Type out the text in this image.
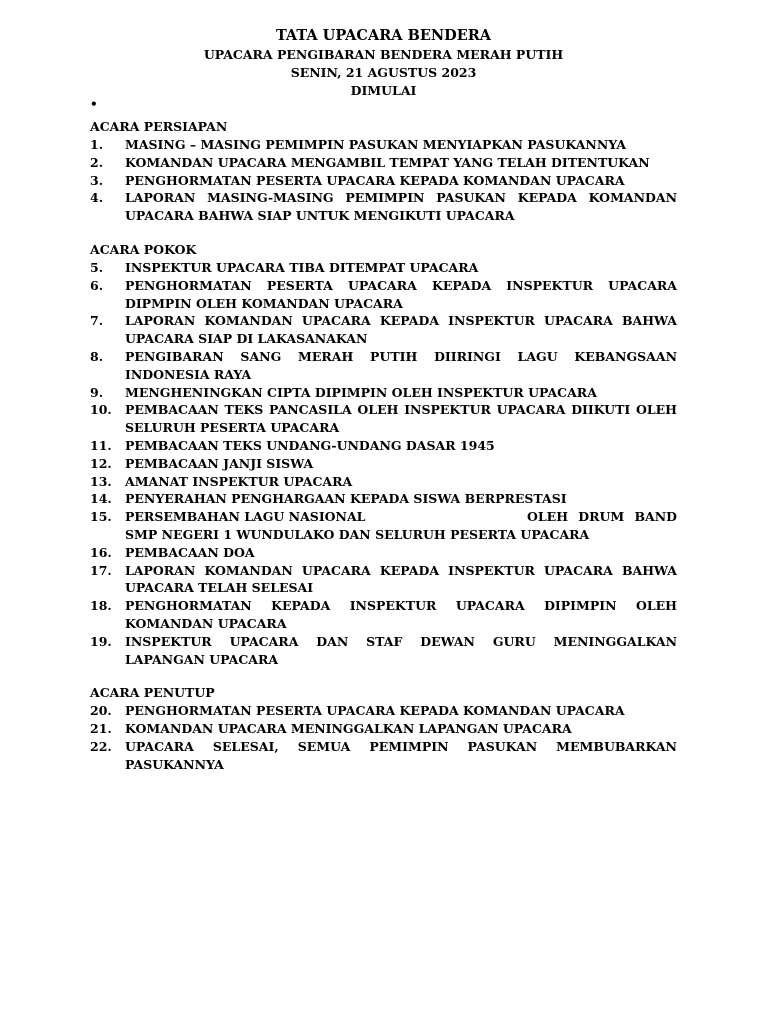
TATA UPACARA BENDERA
UPACARA PENGIBARAN BENDERA MERAH PUTIH
SENIN, 21 AGUSTUS 2023
DIMULAI
•
ACARA PERSIAPAN
1.	MASING – MASING PEMIMPIN PASUKAN MENYIAPKAN PASUKANNYA
2.	KOMANDAN UPACARA MENGAMBIL TEMPAT YANG TELAH DITENTUKAN
3.	PENGHORMATAN PESERTA UPACARA KEPADA KOMANDAN UPACARA
4.	LAPORAN MASING-MASING PEMIMPIN PASUKAN KEPADA KOMANDAN UPACARA BAHWA SIAP UNTUK MENGIKUTI UPACARA
ACARA POKOK
5.	INSPEKTUR UPACARA TIBA DITEMPAT UPACARA
6.	PENGHORMATAN PESERTA UPACARA KEPADA INSPEKTUR UPACARA DIPMPIN OLEH KOMANDAN UPACARA
7.	LAPORAN KOMANDAN UPACARA KEPADA INSPEKTUR UPACARA BAHWA UPACARA SIAP DI LAKASANAKAN
8.	PENGIBARAN SANG MERAH PUTIH DIIRINGI LAGU KEBANGSAAN INDONESIA RAYA
9.	MENGHENINGKAN CIPTA DIPIMPIN OLEH INSPEKTUR UPACARA
10.	PEMBACAAN TEKS PANCASILA OLEH INSPEKTUR UPACARA DIIKUTI OLEH SELURUH PESERTA UPACARA
11.	PEMBACAAN TEKS UNDANG-UNDANG DASAR 1945
12.	PEMBACAAN JANJI SISWA
13.	AMANAT INSPEKTUR UPACARA
14.	PENYERAHAN PENGHARGAAN KEPADA SISWA BERPRESTASI
15.	PERSEMBAHAN LAGU NASIONAL	OLEH DRUM BAND SMP NEGERI 1 WUNDULAKO DAN SELURUH PESERTA UPACARA
16.	PEMBACAAN DOA
17.	LAPORAN KOMANDAN UPACARA KEPADA INSPEKTUR UPACARA BAHWA UPACARA TELAH SELESAI
18.	PENGHORMATAN KEPADA INSPEKTUR UPACARA DIPIMPIN OLEH KOMANDAN UPACARA
19.	INSPEKTUR UPACARA DAN STAF DEWAN GURU MENINGGALKAN LAPANGAN UPACARA
ACARA PENUTUP
20.	PENGHORMATAN PESERTA UPACARA KEPADA KOMANDAN UPACARA
21.	KOMANDAN UPACARA MENINGGALKAN LAPANGAN UPACARA
22.	UPACARA SELESAI, SEMUA PEMIMPIN PASUKAN MEMBUBARKAN PASUKANNYA
